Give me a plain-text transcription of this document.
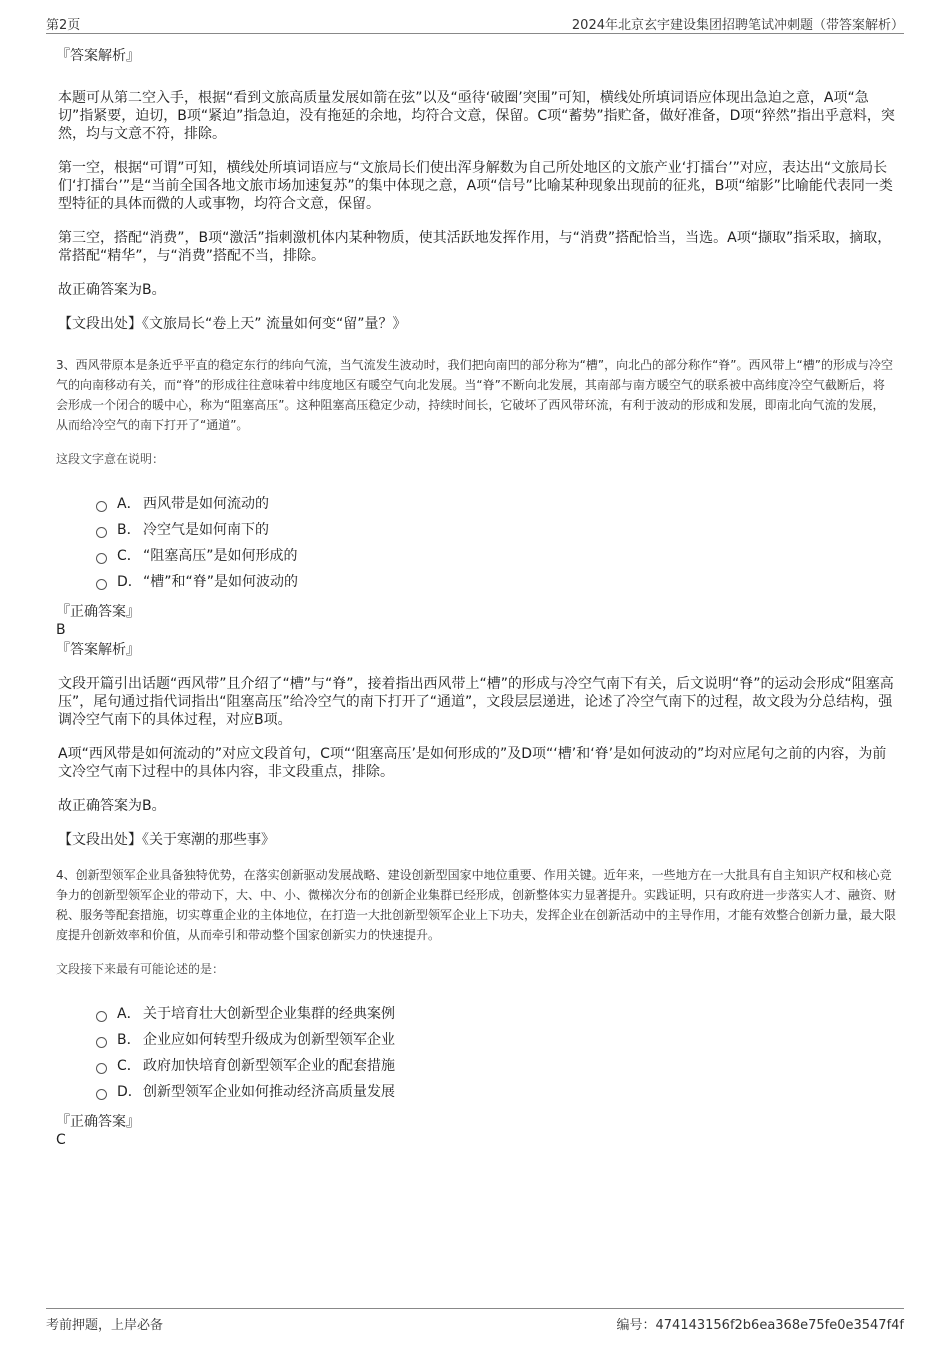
第2页	2024年北京玄宇建设集团招聘笔试冲刺题（带答案解析）
『答案解析』

本题可从第二空入手，根据“看到文旅高质量发展如箭在弦”以及“亟待‘破圈’突围”可知，横线处所填词语应体现出急迫之意，A项“急切”指紧要，迫切，B项“紧迫”指急迫，没有拖延的余地，均符合文意，保留。C项“蓄势”指贮备，做好准备，D项“猝然”指出乎意料，突然，均与文意不符，排除。

第一空，根据“可谓”可知，横线处所填词语应与“文旅局长们使出浑身解数为自己所处地区的文旅产业‘打擂台’”对应，表达出“文旅局长们‘打擂台’”是“当前全国各地文旅市场加速复苏”的集中体现之意，A项“信号”比喻某种现象出现前的征兆，B项“缩影”比喻能代表同一类型特征的具体而微的人或事物，均符合文意，保留。

第三空，搭配“消费”，B项“激活”指刺激机体内某种物质，使其活跃地发挥作用，与“消费”搭配恰当，当选。A项“撷取”指采取，摘取，常搭配“精华”，与“消费”搭配不当，排除。

故正确答案为B。

【文段出处】《文旅局长“卷上天” 流量如何变“留”量？》

3、西风带原本是条近乎平直的稳定东行的纬向气流，当气流发生波动时，我们把向南凹的部分称为“槽”，向北凸的部分称作“脊”。西风带上“槽”的形成与冷空气的向南移动有关，而“脊”的形成往往意味着中纬度地区有暖空气向北发展。当“脊”不断向北发展，其南部与南方暖空气的联系被中高纬度冷空气截断后，将会形成一个闭合的暖中心，称为“阻塞高压”。这种阻塞高压稳定少动，持续时间长，它破坏了西风带环流，有利于波动的形成和发展，即南北向气流的发展，从而给冷空气的南下打开了“通道”。
这段文字意在说明：
A． 西风带是如何流动的
B． 冷空气是如何南下的
C． “阻塞高压”是如何形成的
D． “槽”和“脊”是如何波动的
『正确答案』
B
『答案解析』

文段开篇引出话题“西风带”且介绍了“槽”与“脊”，接着指出西风带上“槽”的形成与冷空气南下有关，后文说明“脊”的运动会形成“阻塞高压”，尾句通过指代词指出“阻塞高压”给冷空气的南下打开了“通道”，文段层层递进，论述了冷空气南下的过程，故文段为分总结构，强调冷空气南下的具体过程，对应B项。

A项“西风带是如何流动的”对应文段首句，C项“‘阻塞高压’是如何形成的”及D项“‘槽’和‘脊’是如何波动的”均对应尾句之前的内容，为前文冷空气南下过程中的具体内容，非文段重点，排除。

故正确答案为B。

【文段出处】《关于寒潮的那些事》

4、创新型领军企业具备独特优势，在落实创新驱动发展战略、建设创新型国家中地位重要、作用关键。近年来，一些地方在一大批具有自主知识产权和核心竞争力的创新型领军企业的带动下，大、中、小、微梯次分布的创新企业集群已经形成，创新整体实力显著提升。实践证明，只有政府进一步落实人才、融资、财税、服务等配套措施，切实尊重企业的主体地位，在打造一大批创新型领军企业上下功夫，发挥企业在创新活动中的主导作用，才能有效整合创新力量，最大限度提升创新效率和价值，从而牵引和带动整个国家创新实力的快速提升。
文段接下来最有可能论述的是：
A． 关于培育壮大创新型企业集群的经典案例
B． 企业应如何转型升级成为创新型领军企业
C． 政府加快培育创新型领军企业的配套措施
D． 创新型领军企业如何推动经济高质量发展
『正确答案』
C
考前押题，上岸必备	编号：474143156f2b6ea368e75fe0e3547f4f
